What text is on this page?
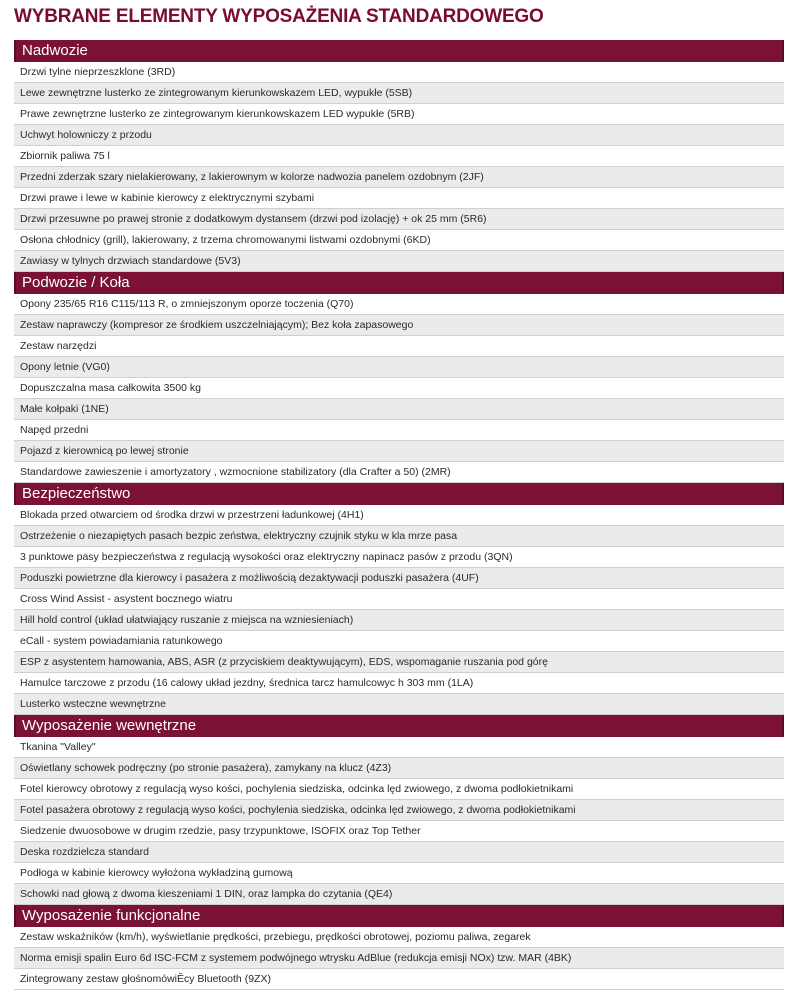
WYBRANE ELEMENTY WYPOSAŻENIA STANDARDOWEGO
Nadwozie
Drzwi tylne nieprzeszklone (3RD)
Lewe zewnętrzne lusterko ze zintegrowanym kierunkowskazem LED, wypukłe (5SB)
Prawe zewnętrzne lusterko ze zintegrowanym kierunkowskazem LED wypukłe (5RB)
Uchwyt holowniczy z przodu
Zbiornik paliwa 75 l
Przedni zderzak szary nielakierowany, z lakierownym w kolorze nadwozia panelem ozdobnym (2JF)
Drzwi prawe i lewe w kabinie kierowcy z elektrycznymi szybami
Drzwi przesuwne po prawej stronie z dodatkowym dystansem (drzwi pod izolację) + ok 25 mm (5R6)
Osłona chłodnicy (grill), lakierowany, z trzema chromowanymi listwami ozdobnymi (6KD)
Zawiasy w tylnych drzwiach standardowe (5V3)
Podwozie / Koła
Opony 235/65 R16 C115/113 R, o zmniejszonym oporze toczenia (Q70)
Zestaw naprawczy (kompresor ze środkiem uszczelniającym); Bez koła zapasowego
Zestaw narzędzi
Opony letnie (VG0)
Dopuszczalna masa całkowita 3500 kg
Małe kołpaki (1NE)
Napęd przedni
Pojazd z kierownicą po lewej stronie
Standardowe zawieszenie i amortyzatory , wzmocnione stabilizatory (dla Crafter a 50) (2MR)
Bezpieczeństwo
Blokada przed otwarciem od środka drzwi w przestrzeni ładunkowej (4H1)
Ostrzeżenie o niezapiętych pasach bezpic zeństwa, elektryczny czujnik styku w kla mrze pasa
3 punktowe pasy bezpieczeństwa z regulacją wysokości oraz elektryczny napinacz pasów z przodu (3QN)
Poduszki powietrzne dla kierowcy i pasażera z możliwością dezaktywacji poduszki pasażera (4UF)
Cross Wind Assist - asystent bocznego wiatru
Hill hold control (układ ułatwiający ruszanie z miejsca na wzniesieniach)
eCall - system powiadamiania ratunkowego
ESP z asystentem hamowania, ABS, ASR (z przyciskiem deaktywującym), EDS, wspomaganie ruszania pod górę
Hamulce tarczowe z przodu (16 calowy układ jezdny, średnica tarcz hamulcowyc h 303 mm (1LA)
Lusterko wsteczne wewnętrzne
Wyposażenie wewnętrzne
Tkanina "Valley"
Oświetlany schowek podręczny (po stronie pasażera), zamykany na klucz (4Z3)
Fotel kierowcy obrotowy z regulacją wyso kości, pochylenia siedziska, odcinka lęd zwiowego, z dwoma podłokietnikami
Fotel pasażera obrotowy z regulacją wyso kości, pochylenia siedziska, odcinka lęd zwiowego, z dwoma podłokietnikami
Siedzenie dwuosobowe w drugim rzedzie, pasy trzypunktowe, ISOFIX oraz Top Tether
Deska rozdzielcza standard
Podłoga w kabinie kierowcy wyłożona wykładziną gumową
Schowki nad głową z dwoma kieszeniami 1 DIN, oraz lampka do czytania (QE4)
Wyposażenie funkcjonalne
Zestaw wskaźników (km/h), wyświetlanie prędkości, przebiegu, prędkości obrotowej, poziomu paliwa, zegarek
Norma emisji spalin Euro 6d ISC-FCM z systemem podwójnego wtrysku AdBlue (redukcja emisji NOx) tzw. MAR (4BK)
Zintegrowany zestaw głośnomówiĔcy Bluetooth (9ZX)
